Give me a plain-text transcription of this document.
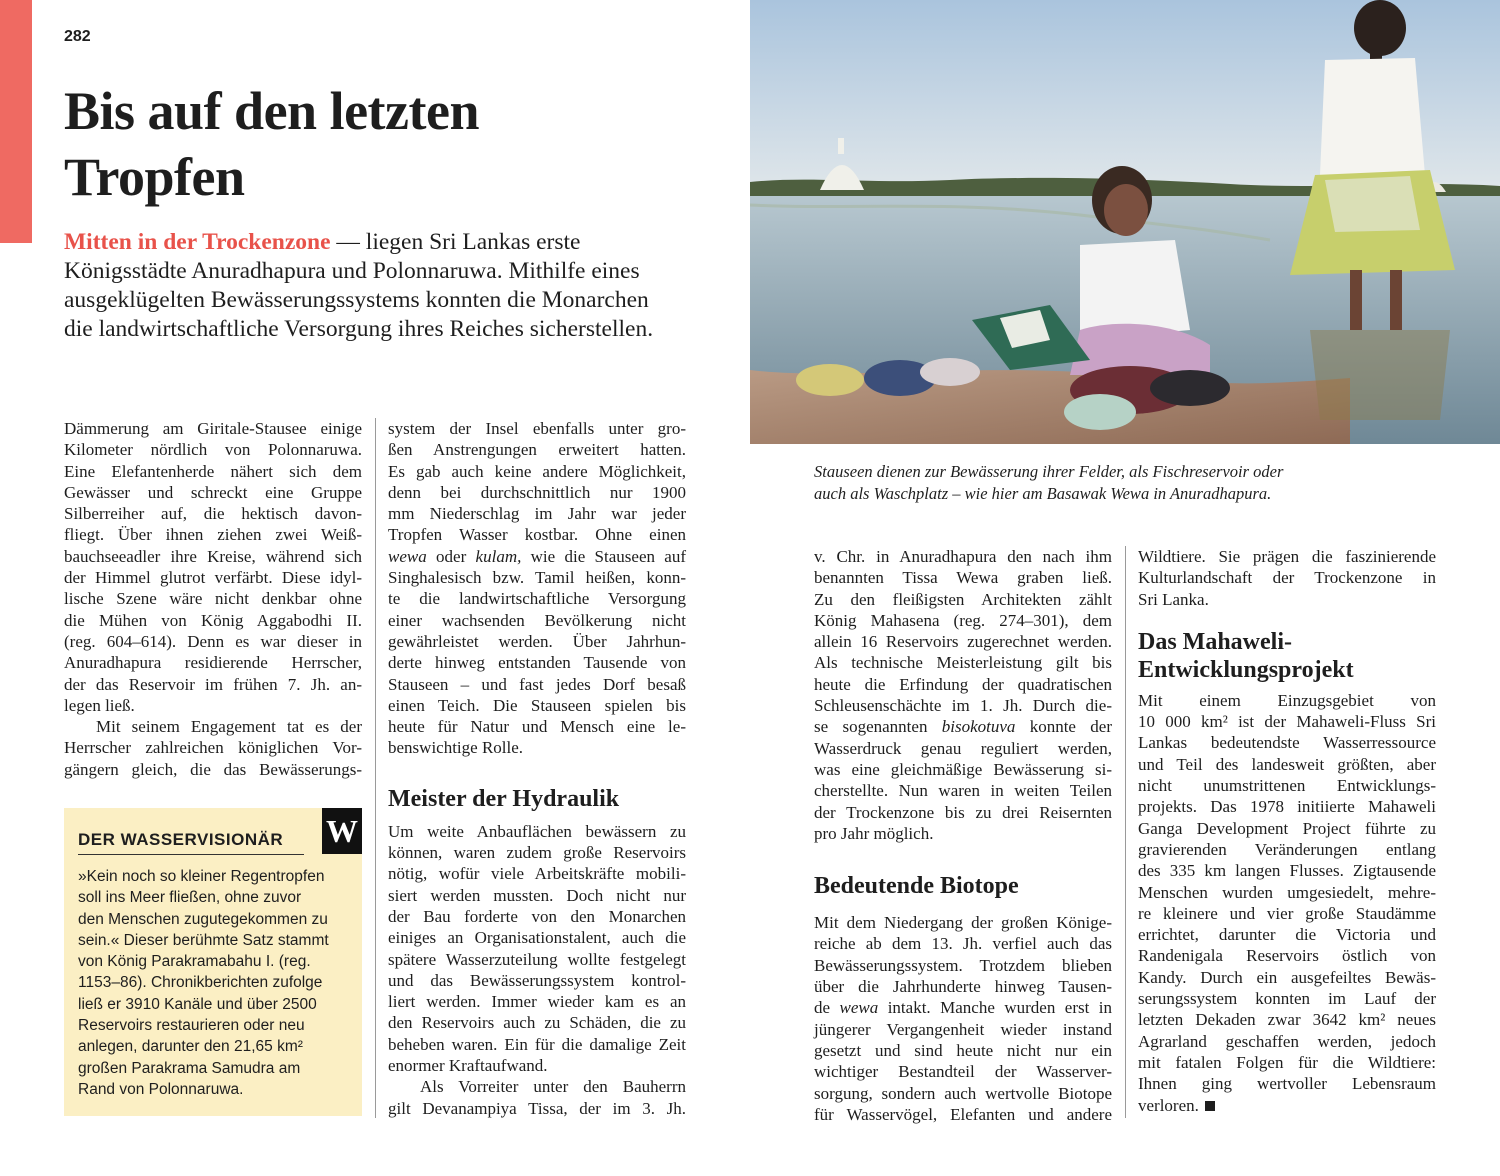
282
Bis auf den letzten
Tropfen

Mitten in der Trockenzone — liegen Sri Lankas erste
Königsstädte Anuradhapura und Polonnaruwa. Mithilfe eines
ausgeklügelten Bewässerungssystems konnten die Monarchen
die landwirtschaftliche Versorgung ihres Reiches sicherstellen.

Dämmerung am Giritale-Stausee einige
Kilometer nördlich von Polonnaruwa.
Eine Elefantenherde nähert sich dem
Gewässer und schreckt eine Gruppe
Silberreiher auf, die hektisch davon-
fliegt. Über ihnen ziehen zwei Weiß-
bauchseeadler ihre Kreise, während sich
der Himmel glutrot verfärbt. Diese idyl-
lische Szene wäre nicht denkbar ohne
die Mühen von König Aggabodhi II.
(reg. 604–614). Denn es war dieser in
Anuradhapura residierende Herrscher,
der das Reservoir im frühen 7. Jh. an-
legen ließ.
Mit seinem Engagement tat es der
Herrscher zahlreichen königlichen Vor-
gängern gleich, die das Bewässerungs-
W
DER WASSERVISIONÄR
»Kein noch so kleiner Regentropfen
soll ins Meer fließen, ohne zuvor
den Menschen zugutegekommen zu
sein.« Dieser berühmte Satz stammt
von König Parakramabahu I. (reg.
1153–86). Chronikberichten zufolge
ließ er 3910 Kanäle und über 2500
Reservoirs restaurieren oder neu
anlegen, darunter den 21,65 km²
großen Parakrama Samudra am
Rand von Polonnaruwa.
system der Insel ebenfalls unter gro-
ßen Anstrengungen erweitert hatten.
Es gab auch keine andere Möglichkeit,
denn bei durchschnittlich nur 1900
mm Niederschlag im Jahr war jeder
Tropfen Wasser kostbar. Ohne einen
wewa oder kulam, wie die Stauseen auf
Singhalesisch bzw. Tamil heißen, konn-
te die landwirtschaftliche Versorgung
einer wachsenden Bevölkerung nicht
gewährleistet werden. Über Jahrhun-
derte hinweg entstanden Tausende von
Stauseen – und fast jedes Dorf besaß
einen Teich. Die Stauseen spielen bis
heute für Natur und Mensch eine le-
benswichtige Rolle.
Meister der Hydraulik
Um weite Anbauflächen bewässern zu
können, waren zudem große Reservoirs
nötig, wofür viele Arbeitskräfte mobili-
siert werden mussten. Doch nicht nur
der Bau forderte von den Monarchen
einiges an Organisationstalent, auch die
spätere Wasserzuteilung wollte festgelegt
und das Bewässerungssystem kontrol-
liert werden. Immer wieder kam es an
den Reservoirs auch zu Schäden, die zu
beheben waren. Ein für die damalige Zeit
enormer Kraftaufwand.
Als Vorreiter unter den Bauherrn
gilt Devanampiya Tissa, der im 3. Jh.
Stauseen dienen zur Bewässerung ihrer Felder, als Fischreservoir oder
auch als Waschplatz – wie hier am Basawak Wewa in Anuradhapura.
v. Chr. in Anuradhapura den nach ihm
benannten Tissa Wewa graben ließ.
Zu den fleißigsten Architekten zählt
König Mahasena (reg. 274–301), dem
allein 16 Reservoirs zugerechnet werden.
Als technische Meisterleistung gilt bis
heute die Erfindung der quadratischen
Schleusenschächte im 1. Jh. Durch die-
se sogenannten bisokotuva konnte der
Wasserdruck genau reguliert werden,
was eine gleichmäßige Bewässerung si-
cherstellte. Nun waren in weiten Teilen
der Trockenzone bis zu drei Reisernten
pro Jahr möglich.
Bedeutende Biotope
Mit dem Niedergang der großen Könige-
reiche ab dem 13. Jh. verfiel auch das
Bewässerungssystem. Trotzdem blieben
über die Jahrhunderte hinweg Tausen-
de wewa intakt. Manche wurden erst in
jüngerer Vergangenheit wieder instand
gesetzt und sind heute nicht nur ein
wichtiger Bestandteil der Wasserver-
sorgung, sondern auch wertvolle Biotope
für Wasservögel, Elefanten und andere
Wildtiere. Sie prägen die faszinierende
Kulturlandschaft der Trockenzone in
Sri Lanka.
Das Mahaweli-
Entwicklungsprojekt
Mit einem Einzugsgebiet von
10 000 km² ist der Mahaweli-Fluss Sri
Lankas bedeutendste Wasserressource
und Teil des landesweit größten, aber
nicht unumstrittenen Entwicklungs-
projekts. Das 1978 initiierte Mahaweli
Ganga Development Project führte zu
gravierenden Veränderungen entlang
des 335 km langen Flusses. Zigtausende
Menschen wurden umgesiedelt, mehre-
re kleinere und vier große Staudämme
errichtet, darunter die Victoria und
Randenigala Reservoirs östlich von
Kandy. Durch ein ausgefeiltes Bewäs-
serungssystem konnten im Lauf der
letzten Dekaden zwar 3642 km² neues
Agrarland geschaffen werden, jedoch
mit fatalen Folgen für die Wildtiere:
Ihnen ging wertvoller Lebensraum
verloren.
